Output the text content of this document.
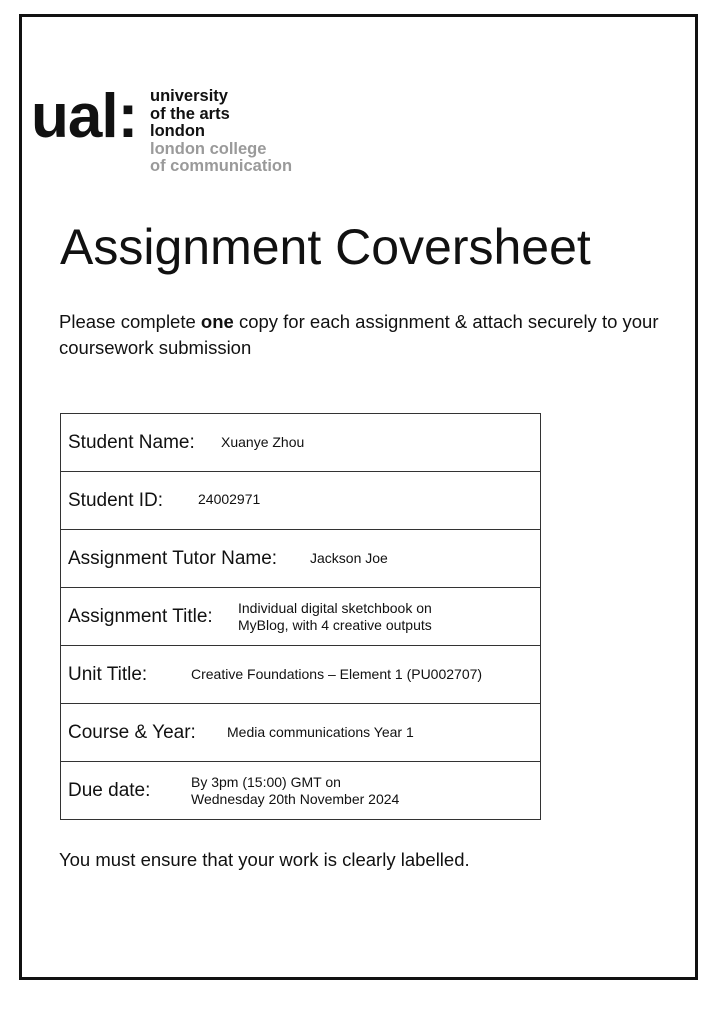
ual: university
of the arts
london
london college
of communication
Assignment Coversheet

Please complete one copy for each assignment & attach securely to your coursework submission

Student Name: Xuanye Zhou
Student ID: 24002971
Assignment Tutor Name: Jackson Joe
Assignment Title: Individual digital sketchbook on
MyBlog, with 4 creative outputs
Unit Title:	Creative Foundations – Element 1 (PU002707)
Course & Year: Media communications Year 1
Due date:	By 3pm (15:00) GMT on
Wednesday 20th November 2024

You must ensure that your work is clearly labelled.
